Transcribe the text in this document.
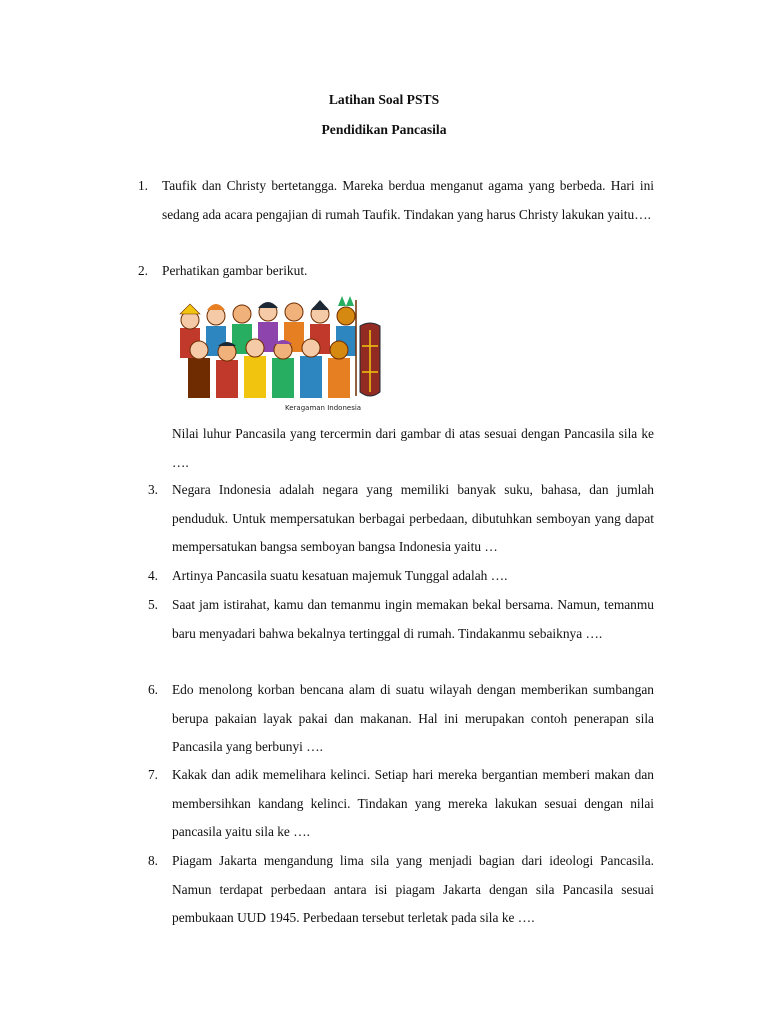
Latihan Soal PSTS
Pendidikan Pancasila
1. Taufik dan Christy bertetangga. Mareka berdua menganut agama yang berbeda. Hari ini sedang ada acara pengajian di rumah Taufik. Tindakan yang harus Christy lakukan yaitu….
2. Perhatikan gambar berikut.
Keragaman Indonesia
Nilai luhur Pancasila yang tercermin dari gambar di atas sesuai dengan Pancasila sila ke ….
3. Negara Indonesia adalah negara yang memiliki banyak suku, bahasa, dan jumlah penduduk. Untuk mempersatukan berbagai perbedaan, dibutuhkan semboyan yang dapat mempersatukan bangsa semboyan bangsa Indonesia yaitu …
4. Artinya Pancasila suatu kesatuan majemuk Tunggal adalah ….
5. Saat jam istirahat, kamu dan temanmu ingin memakan bekal bersama. Namun, temanmu baru menyadari bahwa bekalnya tertinggal di rumah. Tindakanmu sebaiknya ….
6. Edo menolong korban bencana alam di suatu wilayah dengan memberikan sumbangan berupa pakaian layak pakai dan makanan. Hal ini merupakan contoh penerapan sila Pancasila yang berbunyi ….
7. Kakak dan adik memelihara kelinci. Setiap hari mereka bergantian memberi makan dan membersihkan kandang kelinci. Tindakan yang mereka lakukan sesuai dengan nilai pancasila yaitu sila ke ….
8. Piagam Jakarta mengandung lima sila yang menjadi bagian dari ideologi Pancasila. Namun terdapat perbedaan antara isi piagam Jakarta dengan sila Pancasila sesuai pembukaan UUD 1945. Perbedaan tersebut terletak pada sila ke ….
